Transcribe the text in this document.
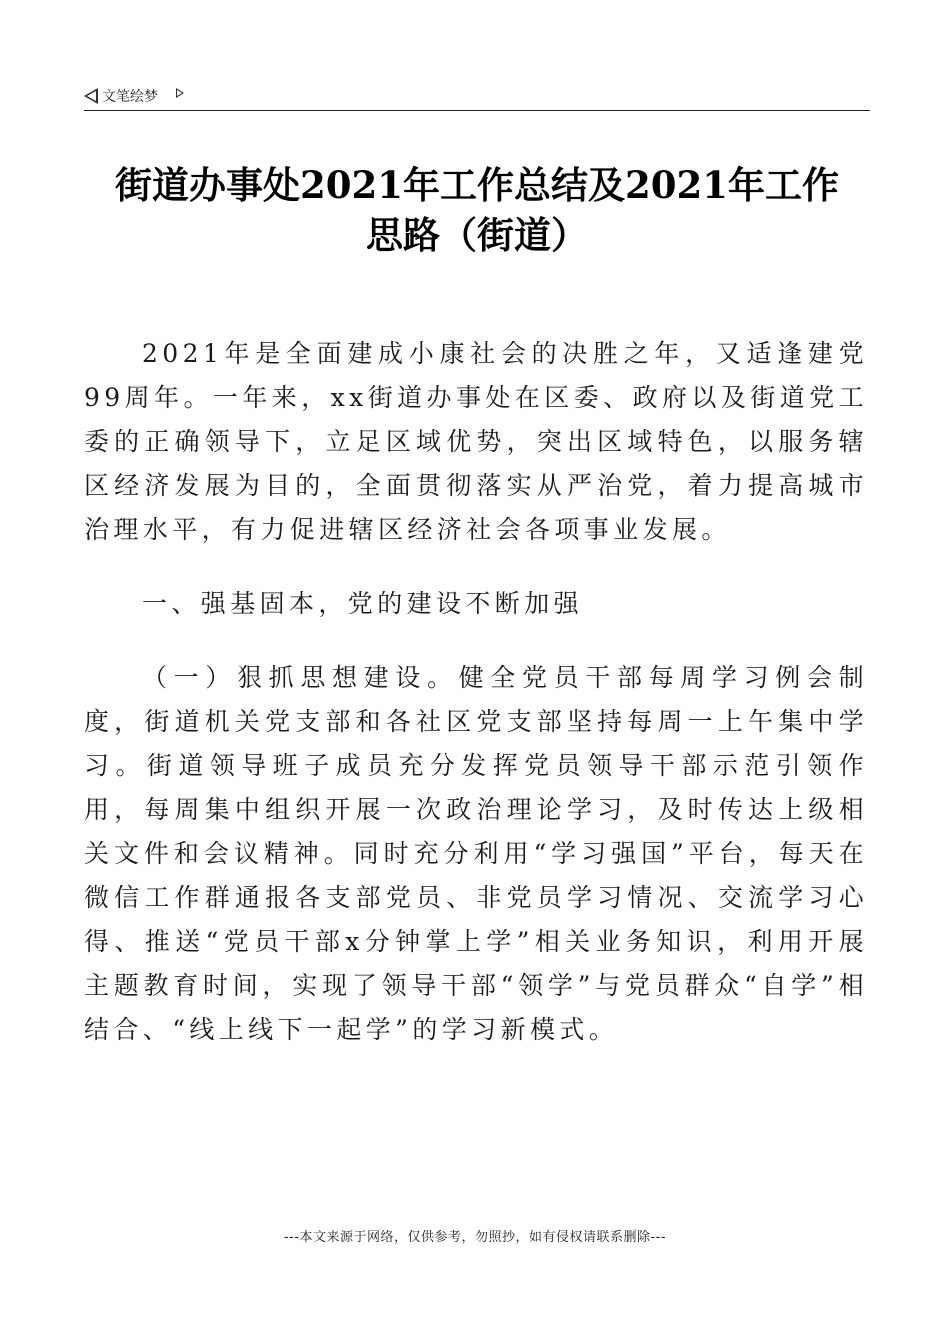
文笔绘梦
街道办事处2021年工作总结及2021年工作
思路（街道）

2021年是全面建成小康社会的决胜之年，又适逢建党99周年。一年来，xx街道办事处在区委、政府以及街道党工委的正确领导下，立足区域优势，突出区域特色，以服务辖区经济发展为目的，全面贯彻落实从严治党，着力提高城市治理水平，有力促进辖区经济社会各项事业发展。

一、强基固本，党的建设不断加强

（一）狠抓思想建设。健全党员干部每周学习例会制度，街道机关党支部和各社区党支部坚持每周一上午集中学习。街道领导班子成员充分发挥党员领导干部示范引领作用，每周集中组织开展一次政治理论学习，及时传达上级相关文件和会议精神。同时充分利用“学习强国”平台，每天在微信工作群通报各支部党员、非党员学习情况、交流学习心得、推送“党员干部x分钟掌上学”相关业务知识，利用开展主题教育时间，实现了领导干部“领学”与党员群众“自学”相结合、“线上线下一起学”的学习新模式。

---本文来源于网络，仅供参考，勿照抄，如有侵权请联系删除---
